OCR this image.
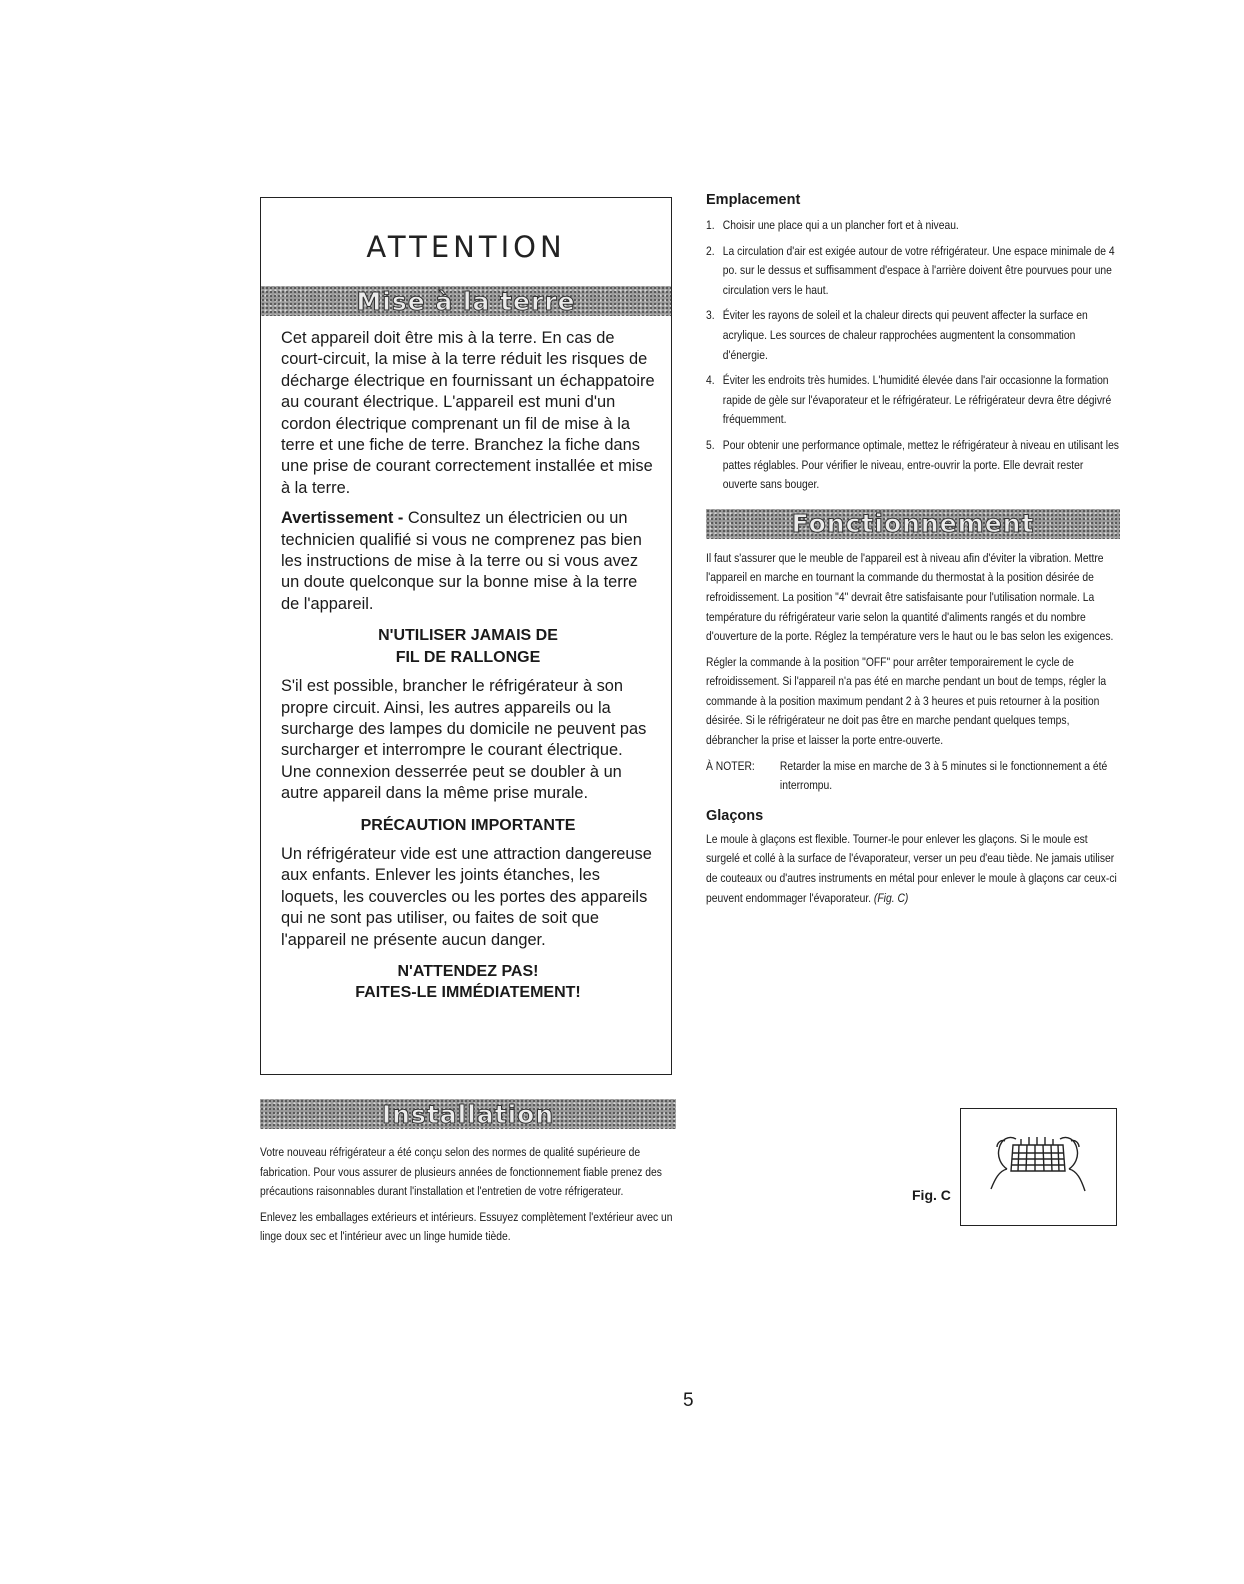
ATTENTION
Mise à la terre

Cet appareil doit être mis à la terre. En cas de court-circuit, la mise à la terre réduit les risques de décharge électrique en fournissant un échappatoire au courant électrique. L'appareil est muni d'un cordon électrique comprenant un fil de mise à la terre et une fiche de terre. Branchez la fiche dans une prise de courant correctement installée et mise à la terre.

Avertissement - Consultez un électricien ou un technicien qualifié si vous ne comprenez pas bien les instructions de mise à la terre ou si vous avez un doute quelconque sur la bonne mise à la terre de l'appareil.

N'UTILISER JAMAIS DE
FIL DE RALLONGE

S'il est possible, brancher le réfrigérateur à son propre circuit. Ainsi, les autres appareils ou la surcharge des lampes du domicile ne peuvent pas surcharger et interrompre le courant électrique. Une connexion desserrée peut se doubler à un autre appareil dans la même prise murale.

PRÉCAUTION IMPORTANTE

Un réfrigérateur vide est une attraction dangereuse aux enfants. Enlever les joints étanches, les loquets, les couvercles ou les portes des appareils qui ne sont pas utiliser, ou faites de soit que l'appareil ne présente aucun danger.

N'ATTENDEZ PAS!
FAITES-LE IMMÉDIATEMENT!
Installation

Votre nouveau réfrigérateur a été conçu selon des normes de qualité supérieure de fabrication. Pour vous assurer de plusieurs années de fonctionnement fiable prenez des précautions raisonnables durant l'installation et l'entretien de votre réfrigerateur.

Enlevez les emballages extérieurs et intérieurs. Essuyez complètement l'extérieur avec un linge doux sec et l'intérieur avec un linge humide tiède.

Emplacement
1. Choisir une place qui a un plancher fort et à niveau.
2. La circulation d'air est exigée autour de votre réfrigérateur. Une espace minimale de 4 po. sur le dessus et suffisamment d'espace à l'arrière doivent être pourvues pour une circulation vers le haut.
3. Éviter les rayons de soleil et la chaleur directs qui peuvent affecter la surface en acrylique. Les sources de chaleur rapprochées augmentent la consommation d'énergie.
4. Éviter les endroits très humides. L'humidité élevée dans l'air occasionne la formation rapide de gèle sur l'évaporateur et le réfrigérateur. Le réfrigérateur devra être dégivré fréquemment.
5. Pour obtenir une performance optimale, mettez le réfrigérateur à niveau en utilisant les pattes réglables. Pour vérifier le niveau, entre-ouvrir la porte. Elle devrait rester ouverte sans bouger.
Fonctionnement

Il faut s'assurer que le meuble de l'appareil est à niveau afin d'éviter la vibration. Mettre l'appareil en marche en tournant la commande du thermostat à la position désirée de refroidissement. La position "4" devrait être satisfaisante pour l'utilisation normale. La température du réfrigérateur varie selon la quantité d'aliments rangés et du nombre d'ouverture de la porte. Réglez la température vers le haut ou le bas selon les exigences.

Régler la commande à la position "OFF" pour arrêter temporairement le cycle de refroidissement. Si l'appareil n'a pas été en marche pendant un bout de temps, régler la commande à la position maximum pendant 2 à 3 heures et puis retourner à la position désirée. Si le réfrigérateur ne doit pas être en marche pendant quelques temps, débrancher la prise et laisser la porte entre-ouverte.

À NOTER:	Retarder la mise en marche de 3 à 5 minutes si le fonctionnement a été interrompu.
Glaçons

Le moule à glaçons est flexible. Tourner-le pour enlever les glaçons. Si le moule est surgelé et collé à la surface de l'évaporateur, verser un peu d'eau tiède. Ne jamais utiliser de couteaux ou d'autres instruments en métal pour enlever le moule à glaçons car ceux-ci peuvent endommager l'évaporateur. (Fig. C)

Fig. C
5
